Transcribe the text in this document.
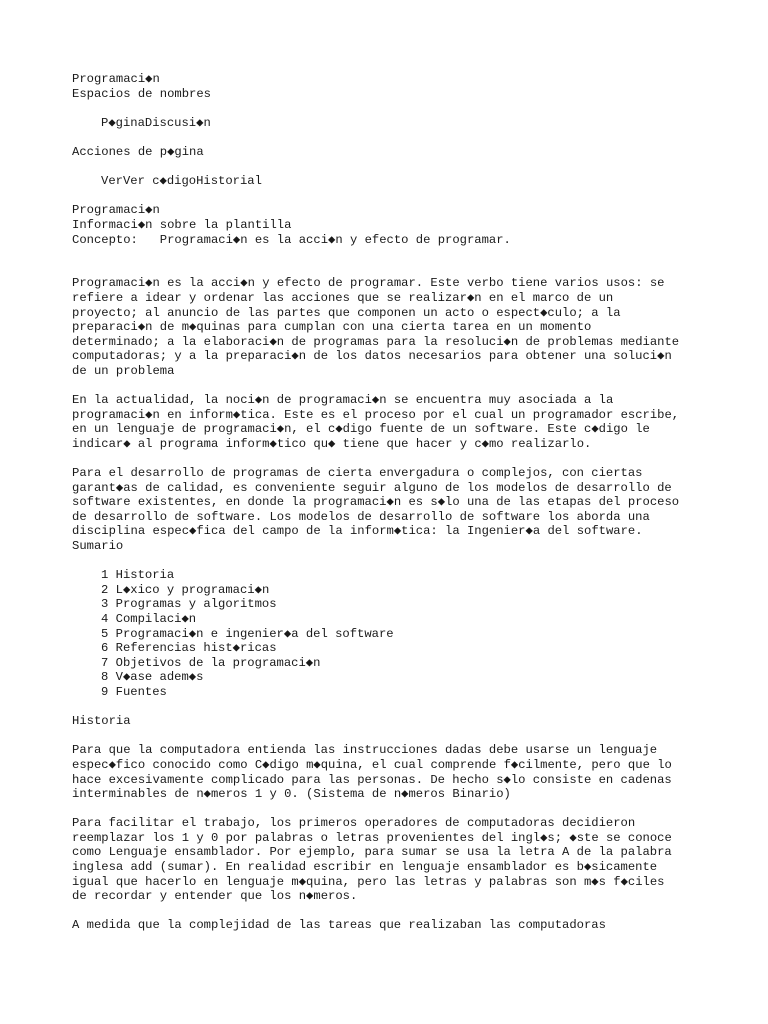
Programaci◆n
Espacios de nombres
P◆ginaDiscusi◆n
Acciones de p◆gina
VerVer c◆digoHistorial
Programaci◆n
Informaci◆n sobre la plantilla
Concepto:   Programaci◆n es la acci◆n y efecto de programar.
Programaci◆n es la acci◆n y efecto de programar. Este verbo tiene varios usos: se
refiere a idear y ordenar las acciones que se realizar◆n en el marco de un
proyecto; al anuncio de las partes que componen un acto o espect◆culo; a la
preparaci◆n de m◆quinas para cumplan con una cierta tarea en un momento
determinado; a la elaboraci◆n de programas para la resoluci◆n de problemas mediante
computadoras; y a la preparaci◆n de los datos necesarios para obtener una soluci◆n
de un problema
En la actualidad, la noci◆n de programaci◆n se encuentra muy asociada a la
programaci◆n en inform◆tica. Este es el proceso por el cual un programador escribe,
en un lenguaje de programaci◆n, el c◆digo fuente de un software. Este c◆digo le
indicar◆ al programa inform◆tico qu◆ tiene que hacer y c◆mo realizarlo.
Para el desarrollo de programas de cierta envergadura o complejos, con ciertas
garant◆as de calidad, es conveniente seguir alguno de los modelos de desarrollo de
software existentes, en donde la programaci◆n es s◆lo una de las etapas del proceso
de desarrollo de software. Los modelos de desarrollo de software los aborda una
disciplina espec◆fica del campo de la inform◆tica: la Ingenier◆a del software.
Sumario
1 Historia
2 L◆xico y programaci◆n
3 Programas y algoritmos
4 Compilaci◆n
5 Programaci◆n e ingenier◆a del software
6 Referencias hist◆ricas
7 Objetivos de la programaci◆n
8 V◆ase adem◆s
9 Fuentes
Historia
Para que la computadora entienda las instrucciones dadas debe usarse un lenguaje
espec◆fico conocido como C◆digo m◆quina, el cual comprende f◆cilmente, pero que lo
hace excesivamente complicado para las personas. De hecho s◆lo consiste en cadenas
interminables de n◆meros 1 y 0. (Sistema de n◆meros Binario)
Para facilitar el trabajo, los primeros operadores de computadoras decidieron
reemplazar los 1 y 0 por palabras o letras provenientes del ingl◆s; ◆ste se conoce
como Lenguaje ensamblador. Por ejemplo, para sumar se usa la letra A de la palabra
inglesa add (sumar). En realidad escribir en lenguaje ensamblador es b◆sicamente
igual que hacerlo en lenguaje m◆quina, pero las letras y palabras son m◆s f◆ciles
de recordar y entender que los n◆meros.
A medida que la complejidad de las tareas que realizaban las computadoras
